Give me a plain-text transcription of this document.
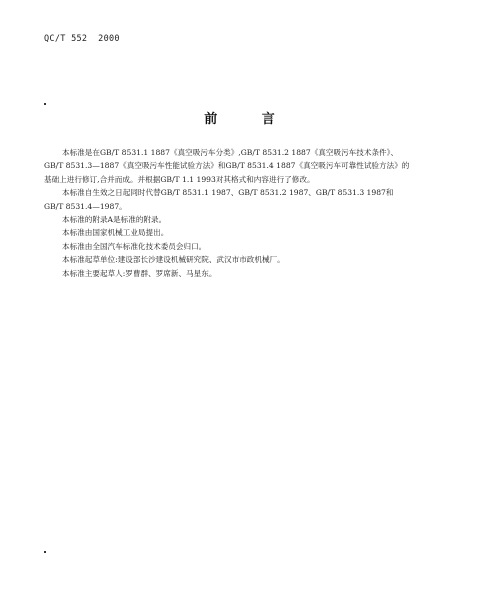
QC/T 552  2000
前 言
本标准是在GB/T 8531.1 1887《真空吸污车分类》,GB/T 8531.2 1887《真空吸污车技术条件》、
GB/T 8531.3—1887《真空吸污车性能试验方法》和GB/T 8531.4 1887《真空吸污车可靠性试验方法》的
基础上进行修订,合并而成。并根据GB/T 1.1 1993对其格式和内容进行了修改。
本标准自生效之日起同时代替GB/T 8531.1 1987、GB/T 8531.2 1987、GB/T 8531.3 1987和
GB/T 8531.4—1987。
本标准的附录A是标准的附录。
本标准由国家机械工业局提出。
本标准由全国汽车标准化技术委员会归口。
本标准起草单位:建设部长沙建设机械研究院、武汉市市政机械厂。
本标准主要起草人:罗曹群、罗席新、马星东。
